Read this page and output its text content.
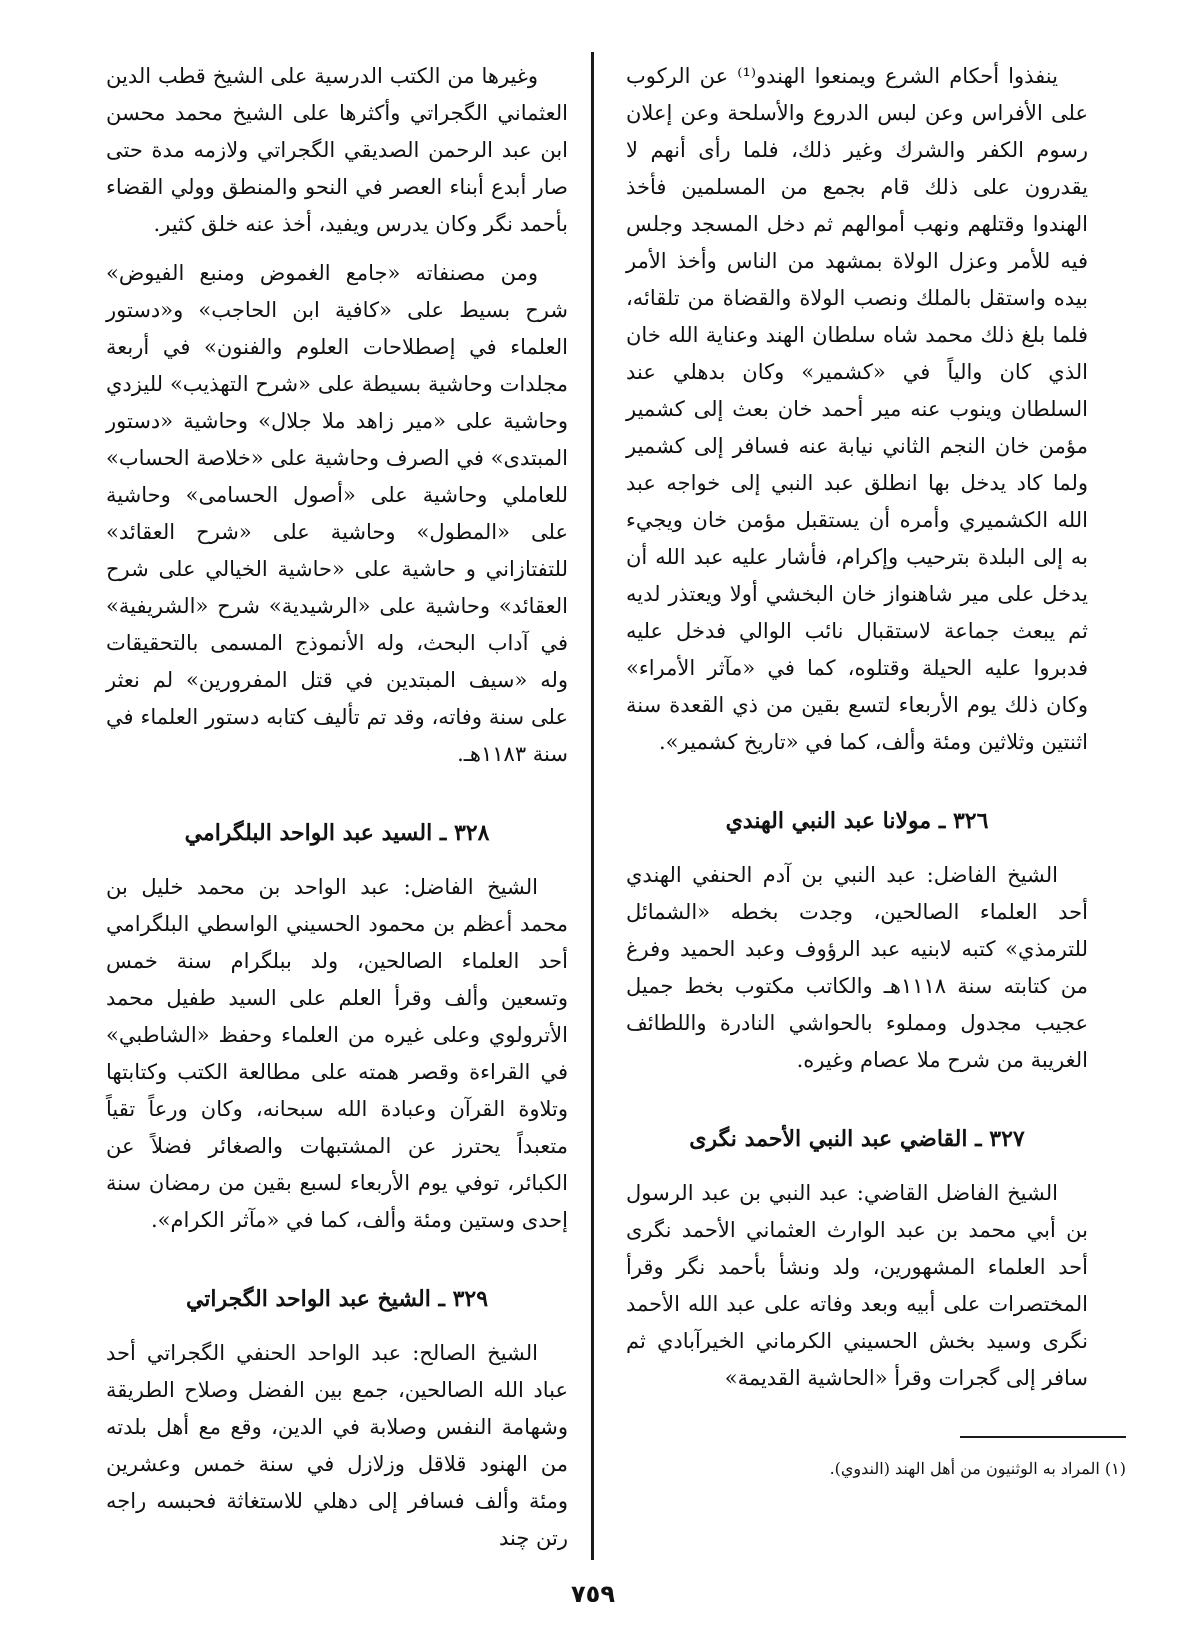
ينفذوا أحكام الشرع ويمنعوا الهندو⁽¹⁾ عن الركوب على الأفراس وعن لبس الدروع والأسلحة وعن إعلان رسوم الكفر والشرك وغير ذلك، فلما رأى أنهم لا يقدرون على ذلك قام بجمع من المسلمين فأخذ الهندوا وقتلهم ونهب أموالهم ثم دخل المسجد وجلس فيه للأمر وعزل الولاة بمشهد من الناس وأخذ الأمر بيده واستقل بالملك ونصب الولاة والقضاة من تلقائه، فلما بلغ ذلك محمد شاه سلطان الهند وعناية الله خان الذي كان والياً في «كشمير» وكان بدهلي عند السلطان وينوب عنه مير أحمد خان بعث إلى كشمير مؤمن خان النجم الثاني نيابة عنه فسافر إلى كشمير ولما كاد يدخل بها انطلق عبد النبي إلى خواجه عبد الله الكشميري وأمره أن يستقبل مؤمن خان ويجيء به إلى البلدة بترحيب وإكرام، فأشار عليه عبد الله أن يدخل على مير شاهنواز خان البخشي أولا ويعتذر لديه ثم يبعث جماعة لاستقبال نائب الوالي فدخل عليه فدبروا عليه الحيلة وقتلوه، كما في «مآثر الأمراء» وكان ذلك يوم الأربعاء لتسع بقين من ذي القعدة سنة اثنتين وثلاثين ومئة وألف، كما في «تاريخ كشمير».

٣٢٦ ـ مولانا عبد النبي الهندي

الشيخ الفاضل: عبد النبي بن آدم الحنفي الهندي أحد العلماء الصالحين، وجدت بخطه «الشمائل للترمذي» كتبه لابنيه عبد الرؤوف وعبد الحميد وفرغ من كتابته سنة ١١١٨هـ والكاتب مكتوب بخط جميل عجيب مجدول ومملوء بالحواشي النادرة واللطائف الغريبة من شرح ملا عصام وغيره.

٣٢٧ ـ القاضي عبد النبي الأحمد نگرى

الشيخ الفاضل القاضي: عبد النبي بن عبد الرسول بن أبي محمد بن عبد الوارث العثماني الأحمد نگرى أحد العلماء المشهورين، ولد ونشأ بأحمد نگر وقرأ المختصرات على أبيه وبعد وفاته على عبد الله الأحمد نگرى وسيد بخش الحسيني الكرماني الخيرآبادي ثم سافر إلى گجرات وقرأ «الحاشية القديمة»

وغيرها من الكتب الدرسية على الشيخ قطب الدين العثماني الگجراتي وأكثرها على الشيخ محمد محسن ابن عبد الرحمن الصديقي الگجراتي ولازمه مدة حتى صار أبدع أبناء العصر في النحو والمنطق وولي القضاء بأحمد نگر وكان يدرس ويفيد، أخذ عنه خلق كثير.

ومن مصنفاته «جامع الغموض ومنبع الفيوض» شرح بسيط على «كافية ابن الحاجب» و«دستور العلماء في إصطلاحات العلوم والفنون» في أربعة مجلدات وحاشية بسيطة على «شرح التهذيب» لليزدي وحاشية على «مير زاهد ملا جلال» وحاشية «دستور المبتدى» في الصرف وحاشية على «خلاصة الحساب» للعاملي وحاشية على «أصول الحسامى» وحاشية على «المطول» وحاشية على «شرح العقائد» للتفتازاني و حاشية على «حاشية الخيالي على شرح العقائد» وحاشية على «الرشيدية» شرح «الشريفية» في آداب البحث، وله الأنموذج المسمى بالتحقيقات وله «سيف المبتدين في قتل المفرورين» لم نعثر على سنة وفاته، وقد تم تأليف كتابه دستور العلماء في سنة ١١٨٣هـ.

٣٢٨ ـ السيد عبد الواحد البلگرامي

الشيخ الفاضل: عبد الواحد بن محمد خليل بن محمد أعظم بن محمود الحسيني الواسطي البلگرامي أحد العلماء الصالحين، ولد ببلگرام سنة خمس وتسعين وألف وقرأ العلم على السيد طفيل محمد الأترولوي وعلى غيره من العلماء وحفظ «الشاطبي» في القراءة وقصر همته على مطالعة الكتب وكتابتها وتلاوة القرآن وعبادة الله سبحانه، وكان ورعاً تقياً متعبداً يحترز عن المشتبهات والصغائر فضلاً عن الكبائر، توفي يوم الأربعاء لسبع بقين من رمضان سنة إحدى وستين ومئة وألف، كما في «مآثر الكرام».

٣٢٩ ـ الشيخ عبد الواحد الگجراتي

الشيخ الصالح: عبد الواحد الحنفي الگجراتي أحد عباد الله الصالحين، جمع بين الفضل وصلاح الطريقة وشهامة النفس وصلابة في الدين، وقع مع أهل بلدته من الهنود قلاقل وزلازل في سنة خمس وعشرين ومئة وألف فسافر إلى دهلي للاستغاثة فحبسه راجه رتن چند

(١) المراد به الوثنيون من أهل الهند (الندوي).
٧٥٩
